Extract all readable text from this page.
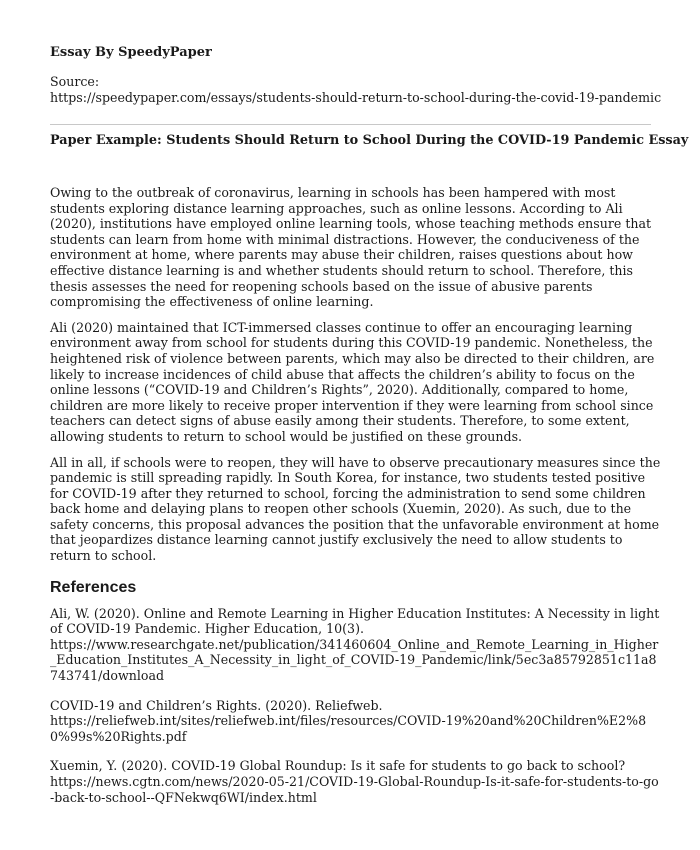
Essay By SpeedyPaper
Source:
https://speedypaper.com/essays/students-should-return-to-school-during-the-covid-19-pandemic
Paper Example: Students Should Return to School During the COVID-19 Pandemic Essay

Owing to the outbreak of coronavirus, learning in schools has been hampered with most students exploring distance learning approaches, such as online lessons. According to Ali (2020), institutions have employed online learning tools, whose teaching methods ensure that students can learn from home with minimal distractions. However, the conduciveness of the environment at home, where parents may abuse their children, raises questions about how effective distance learning is and whether students should return to school. Therefore, this thesis assesses the need for reopening schools based on the issue of abusive parents compromising the effectiveness of online learning.

Ali (2020) maintained that ICT-immersed classes continue to offer an encouraging learning environment away from school for students during this COVID-19 pandemic. Nonetheless, the heightened risk of violence between parents, which may also be directed to their children, are likely to increase incidences of child abuse that affects the children’s ability to focus on the online lessons (“COVID-19 and Children’s Rights”, 2020). Additionally, compared to home, children are more likely to receive proper intervention if they were learning from school since teachers can detect signs of abuse easily among their students. Therefore, to some extent, allowing students to return to school would be justified on these grounds.

All in all, if schools were to reopen, they will have to observe precautionary measures since the pandemic is still spreading rapidly. In South Korea, for instance, two students tested positive for COVID-19 after they returned to school, forcing the administration to send some children back home and delaying plans to reopen other schools (Xuemin, 2020). As such, due to the safety concerns, this proposal advances the position that the unfavorable environment at home that jeopardizes distance learning cannot justify exclusively the need to allow students to return to school.

References
Ali, W. (2020). Online and Remote Learning in Higher Education Institutes: A Necessity in light of COVID-19 Pandemic. Higher Education, 10(3).
https://www.researchgate.net/publication/341460604_Online_and_Remote_Learning_in_Higher_Education_Institutes_A_Necessity_in_light_of_COVID-19_Pandemic/link/5ec3a85792851c11a8743741/download
COVID-19 and Children’s Rights. (2020). Reliefweb.
https://reliefweb.int/sites/reliefweb.int/files/resources/COVID-19%20and%20Children%E2%80%99s%20Rights.pdf
Xuemin, Y. (2020). COVID-19 Global Roundup: Is it safe for students to go back to school?
https://news.cgtn.com/news/2020-05-21/COVID-19-Global-Roundup-Is-it-safe-for-students-to-go-back-to-school--QFNekwq6WI/index.html
